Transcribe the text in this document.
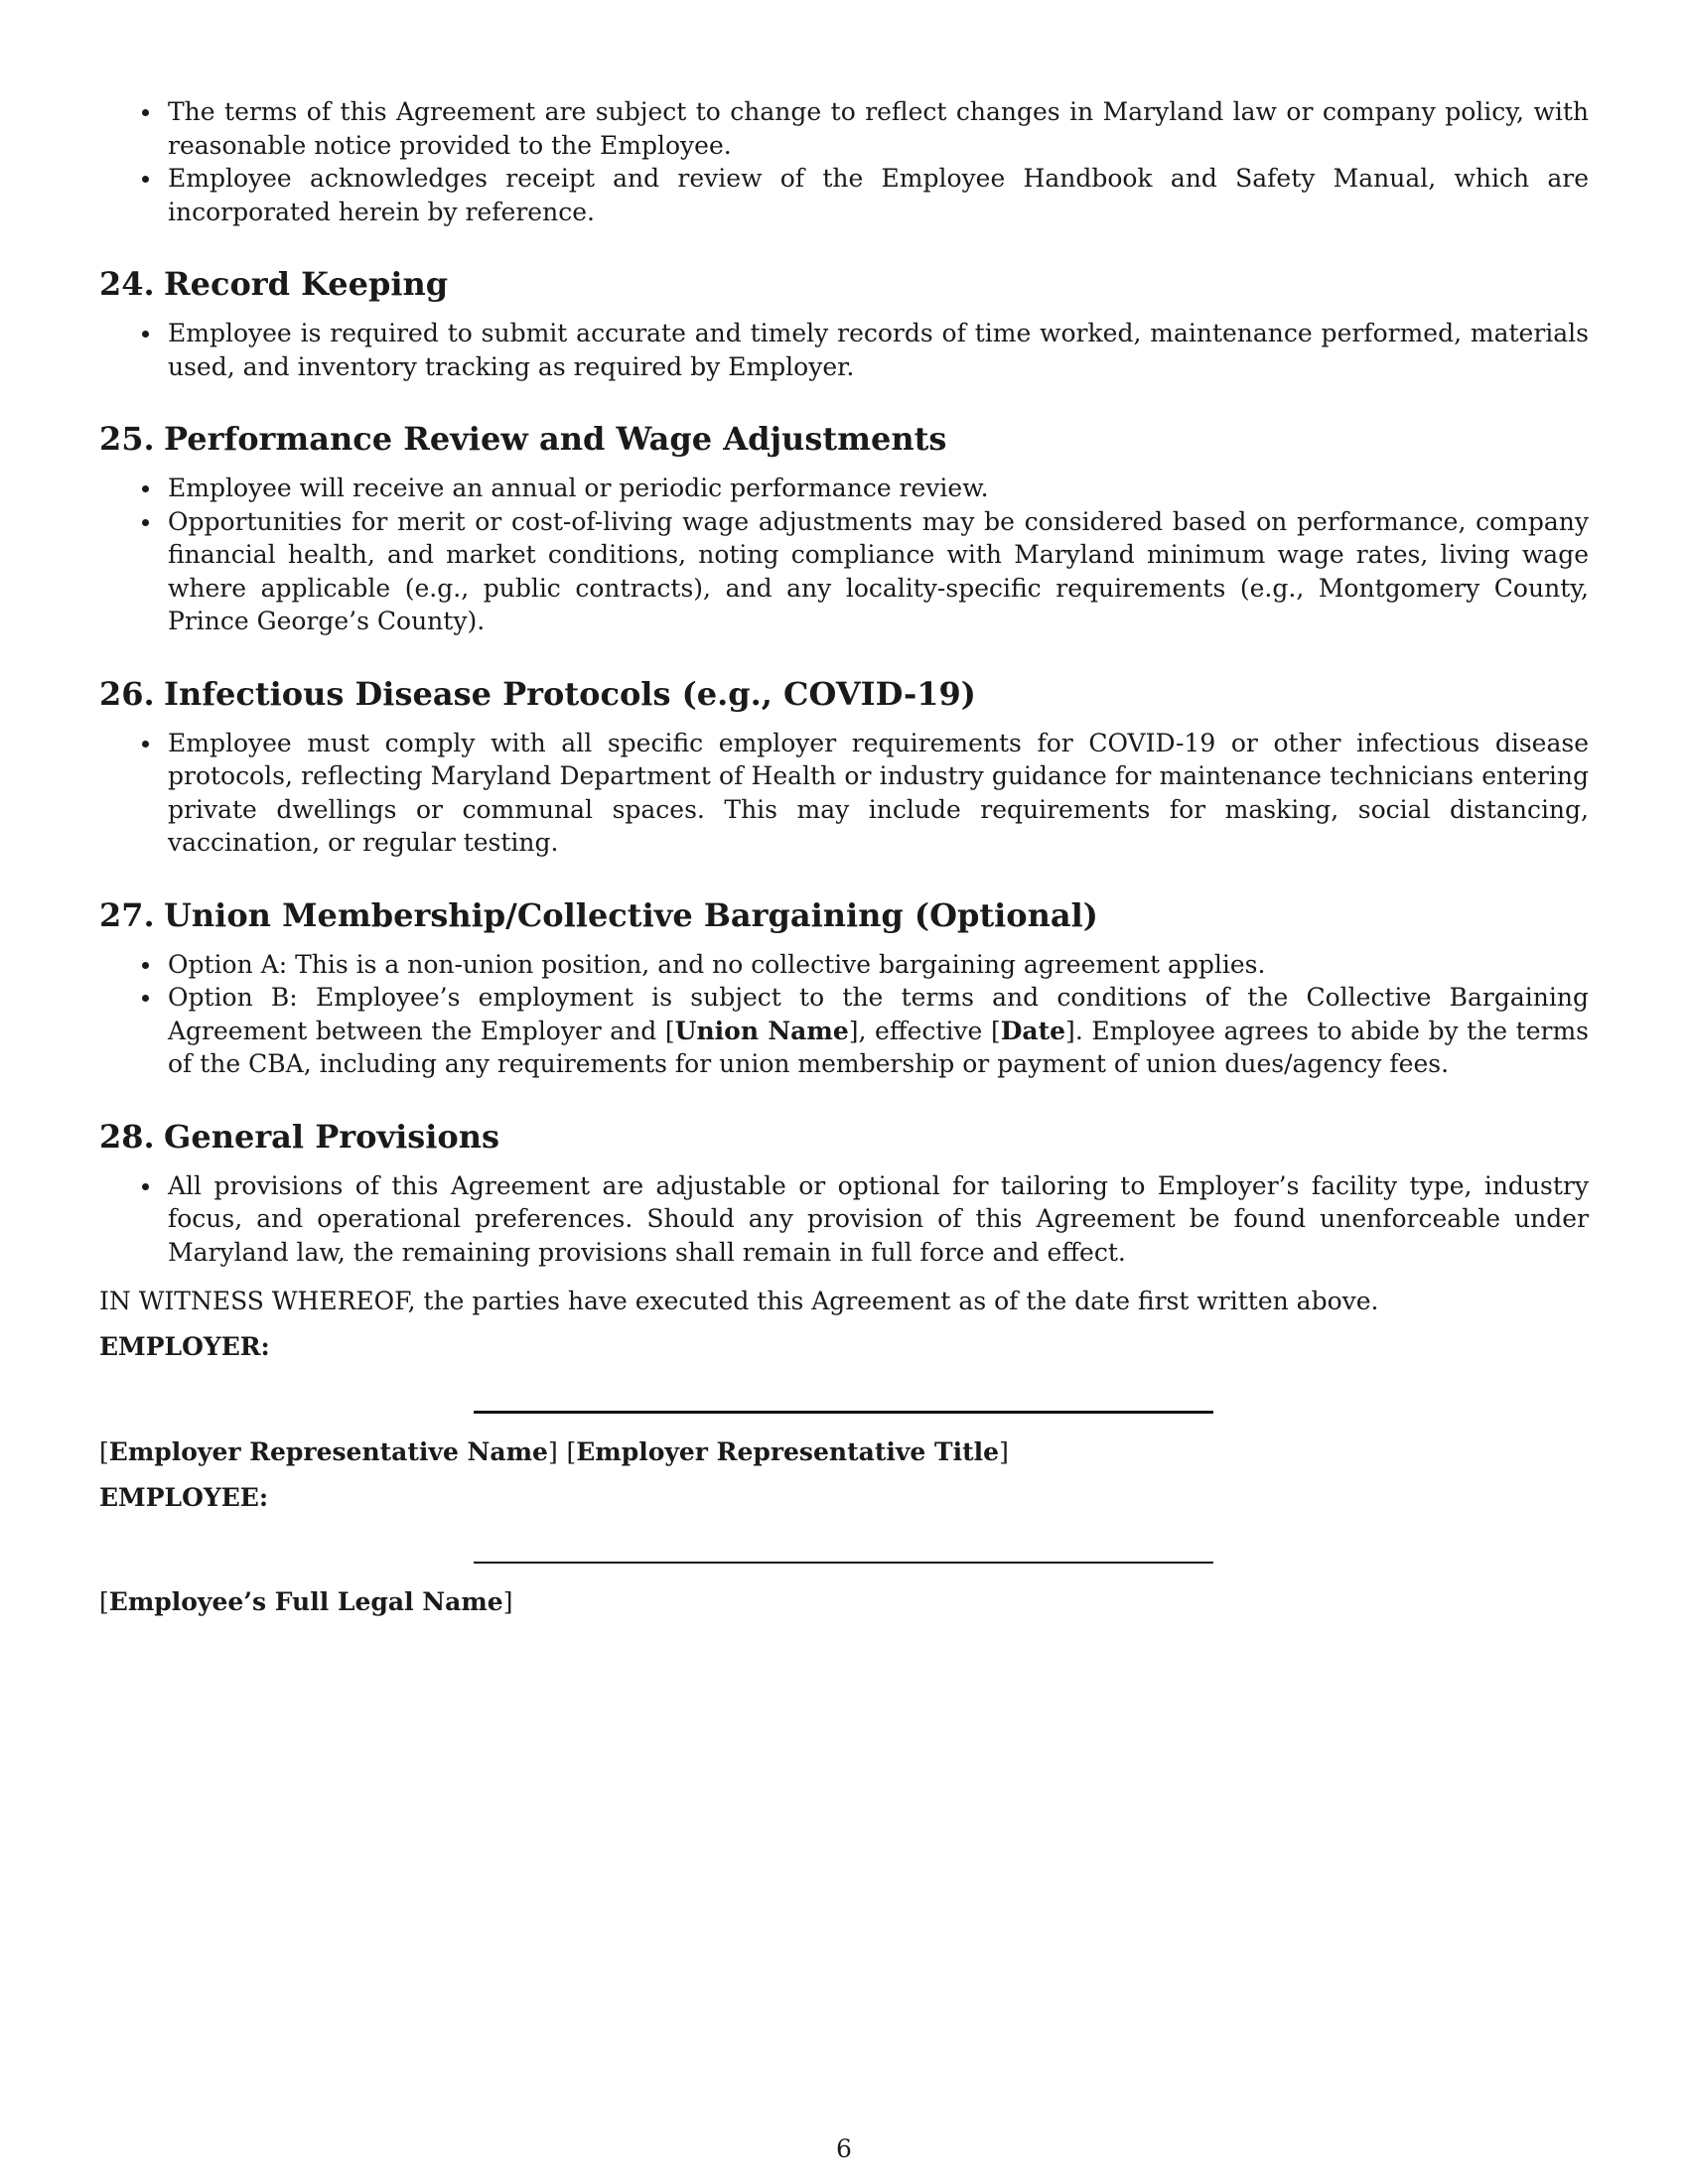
The terms of this Agreement are subject to change to reflect changes in Maryland law or company policy, with reasonable notice provided to the Employee.
Employee acknowledges receipt and review of the Employee Handbook and Safety Manual, which are incorporated herein by reference.
24. Record Keeping
Employee is required to submit accurate and timely records of time worked, maintenance performed, materials used, and inventory tracking as required by Employer.
25. Performance Review and Wage Adjustments
Employee will receive an annual or periodic performance review.
Opportunities for merit or cost-of-living wage adjustments may be considered based on performance, company financial health, and market conditions, noting compliance with Maryland minimum wage rates, living wage where applicable (e.g., public contracts), and any locality-specific requirements (e.g., Montgomery County, Prince George’s County).
26. Infectious Disease Protocols (e.g., COVID-19)
Employee must comply with all specific employer requirements for COVID-19 or other infectious disease protocols, reflecting Maryland Department of Health or industry guidance for maintenance technicians entering private dwellings or communal spaces. This may include requirements for masking, social distancing, vaccination, or regular testing.
27. Union Membership/Collective Bargaining (Optional)
Option A: This is a non-union position, and no collective bargaining agreement applies.
Option B: Employee’s employment is subject to the terms and conditions of the Collective Bargaining Agreement between the Employer and [Union Name], effective [Date]. Employee agrees to abide by the terms of the CBA, including any requirements for union membership or payment of union dues/agency fees.
28. General Provisions
All provisions of this Agreement are adjustable or optional for tailoring to Employer’s facility type, industry focus, and operational preferences. Should any provision of this Agreement be found unenforceable under Maryland law, the remaining provisions shall remain in full force and effect.

IN WITNESS WHEREOF, the parties have executed this Agreement as of the date first written above.

EMPLOYER:

[Employer Representative Name] [Employer Representative Title]

EMPLOYEE:

[Employee’s Full Legal Name]

6
